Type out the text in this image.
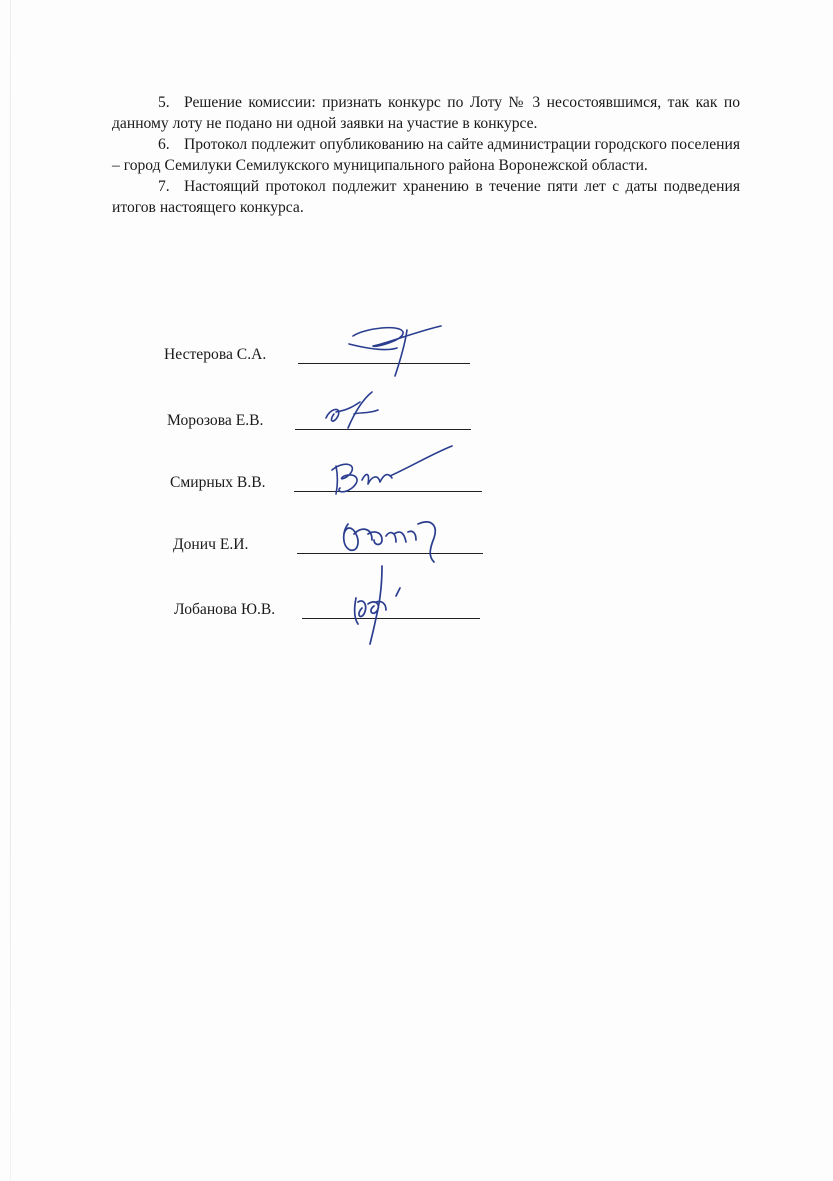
5. Решение комиссии: признать конкурс по Лоту № 3 несостоявшимся, так как по данному лоту не подано ни одной заявки на участие в конкурсе.

6. Протокол подлежит опубликованию на сайте администрации городского поселения – город Семилуки Семилукского муниципального района Воронежской области.

7. Настоящий протокол подлежит хранению в течение пяти лет с даты подведения итогов настоящего конкурса.

Нестерова С.А.
Морозова Е.В.
Смирных В.В.
Донич Е.И.
Лобанова Ю.В.
